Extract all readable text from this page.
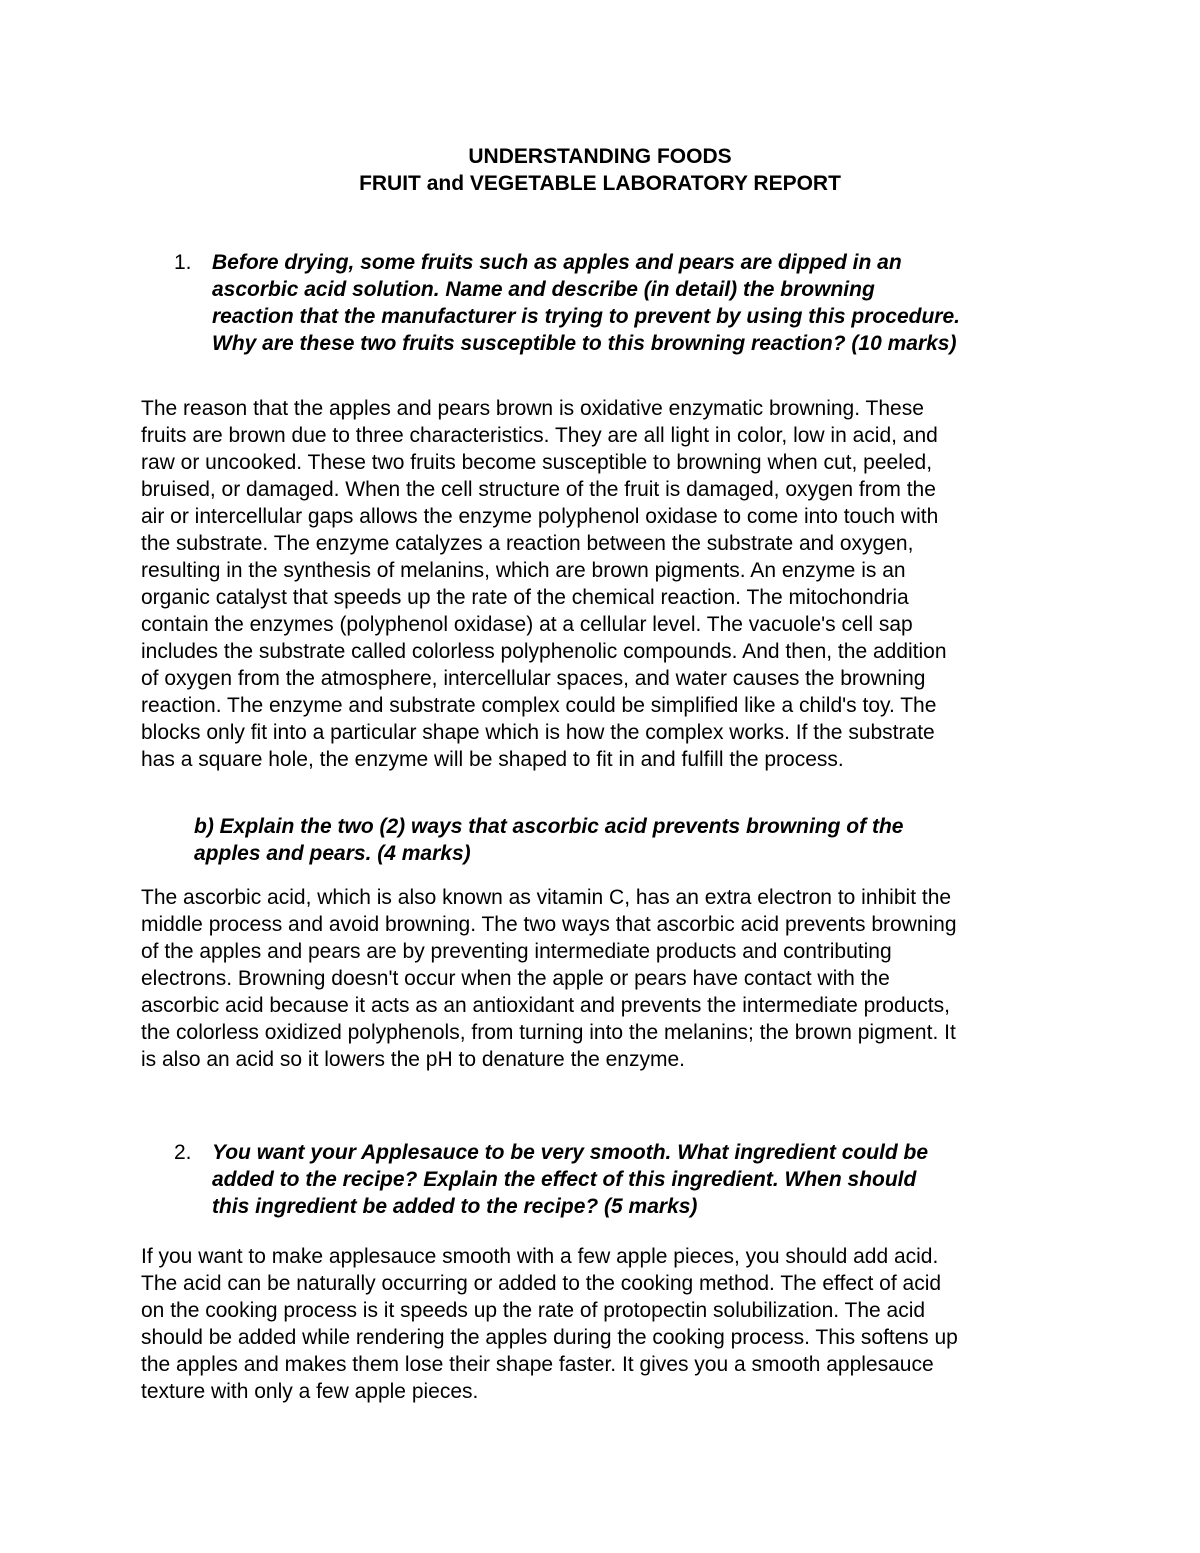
UNDERSTANDING FOODS
FRUIT and VEGETABLE LABORATORY REPORT
1. Before drying, some fruits such as apples and pears are dipped in an
ascorbic acid solution. Name and describe (in detail) the browning
reaction that the manufacturer is trying to prevent by using this procedure.
Why are these two fruits susceptible to this browning reaction? (10 marks)
The reason that the apples and pears brown is oxidative enzymatic browning. These
fruits are brown due to three characteristics. They are all light in color, low in acid, and
raw or uncooked. These two fruits become susceptible to browning when cut, peeled,
bruised, or damaged. When the cell structure of the fruit is damaged, oxygen from the
air or intercellular gaps allows the enzyme polyphenol oxidase to come into touch with
the substrate. The enzyme catalyzes a reaction between the substrate and oxygen,
resulting in the synthesis of melanins, which are brown pigments. An enzyme is an
organic catalyst that speeds up the rate of the chemical reaction. The mitochondria
contain the enzymes (polyphenol oxidase) at a cellular level. The vacuole's cell sap
includes the substrate called colorless polyphenolic compounds. And then, the addition
of oxygen from the atmosphere, intercellular spaces, and water causes the browning
reaction. The enzyme and substrate complex could be simplified like a child's toy. The
blocks only fit into a particular shape which is how the complex works. If the substrate
has a square hole, the enzyme will be shaped to fit in and fulfill the process.
b) Explain the two (2) ways that ascorbic acid prevents browning of the
apples and pears. (4 marks)
The ascorbic acid, which is also known as vitamin C, has an extra electron to inhibit the
middle process and avoid browning. The two ways that ascorbic acid prevents browning
of the apples and pears are by preventing intermediate products and contributing
electrons. Browning doesn't occur when the apple or pears have contact with the
ascorbic acid because it acts as an antioxidant and prevents the intermediate products,
the colorless oxidized polyphenols, from turning into the melanins; the brown pigment. It
is also an acid so it lowers the pH to denature the enzyme.
2. You want your Applesauce to be very smooth. What ingredient could be
added to the recipe? Explain the effect of this ingredient. When should
this ingredient be added to the recipe? (5 marks)
If you want to make applesauce smooth with a few apple pieces, you should add acid.
The acid can be naturally occurring or added to the cooking method. The effect of acid
on the cooking process is it speeds up the rate of protopectin solubilization. The acid
should be added while rendering the apples during the cooking process. This softens up
the apples and makes them lose their shape faster. It gives you a smooth applesauce
texture with only a few apple pieces.
